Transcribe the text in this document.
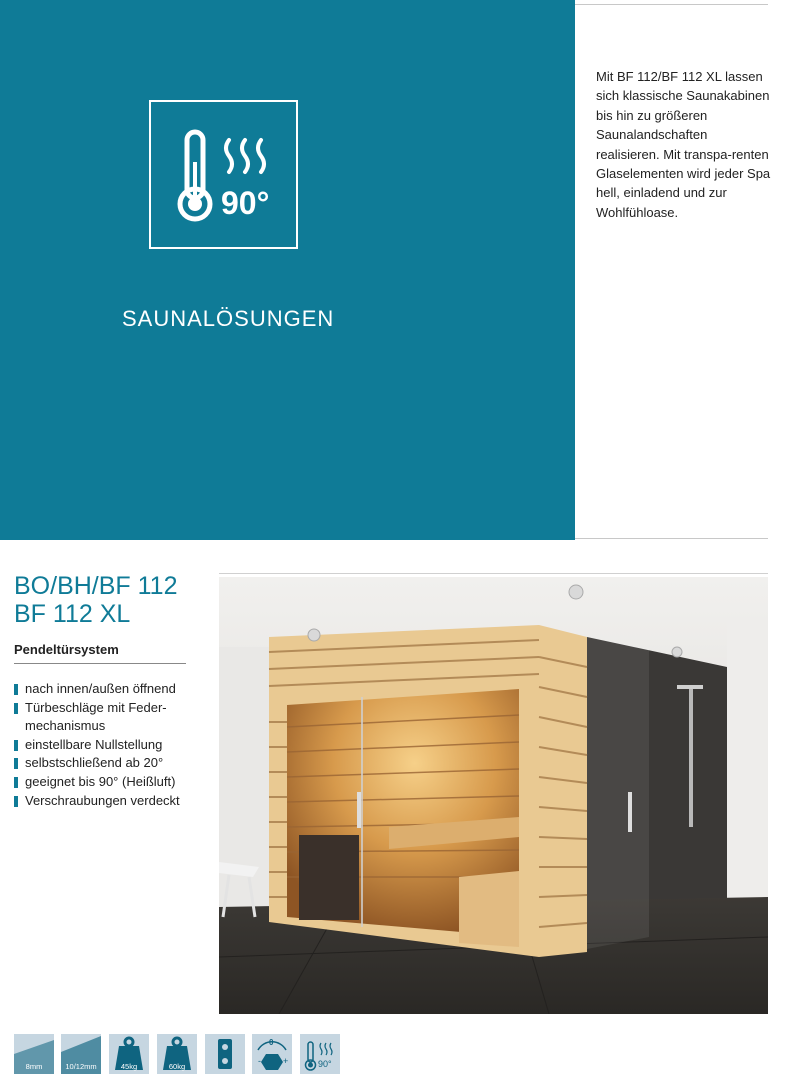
90°
SAUNALÖSUNGEN

Mit BF 112/BF 112 XL lassen sich klassische Saunakabinen bis hin zu größeren Saunalandschaften realisieren. Mit transpa-renten Glaselementen wird jeder Spa hell, einladend und zur Wohlfühloase.

BO/BH/BF 112
BF 112 XL
Pendeltürsystem
nach innen/außen öffnend
Türbeschläge mit Feder-mechanismus
einstellbare Nullstellung
selbstschließend ab 20°
geeignet bis 90° (Heißluft)
Verschraubungen verdeckt
8mm	10/12mm	45kg	60kg
- +
0
90°
